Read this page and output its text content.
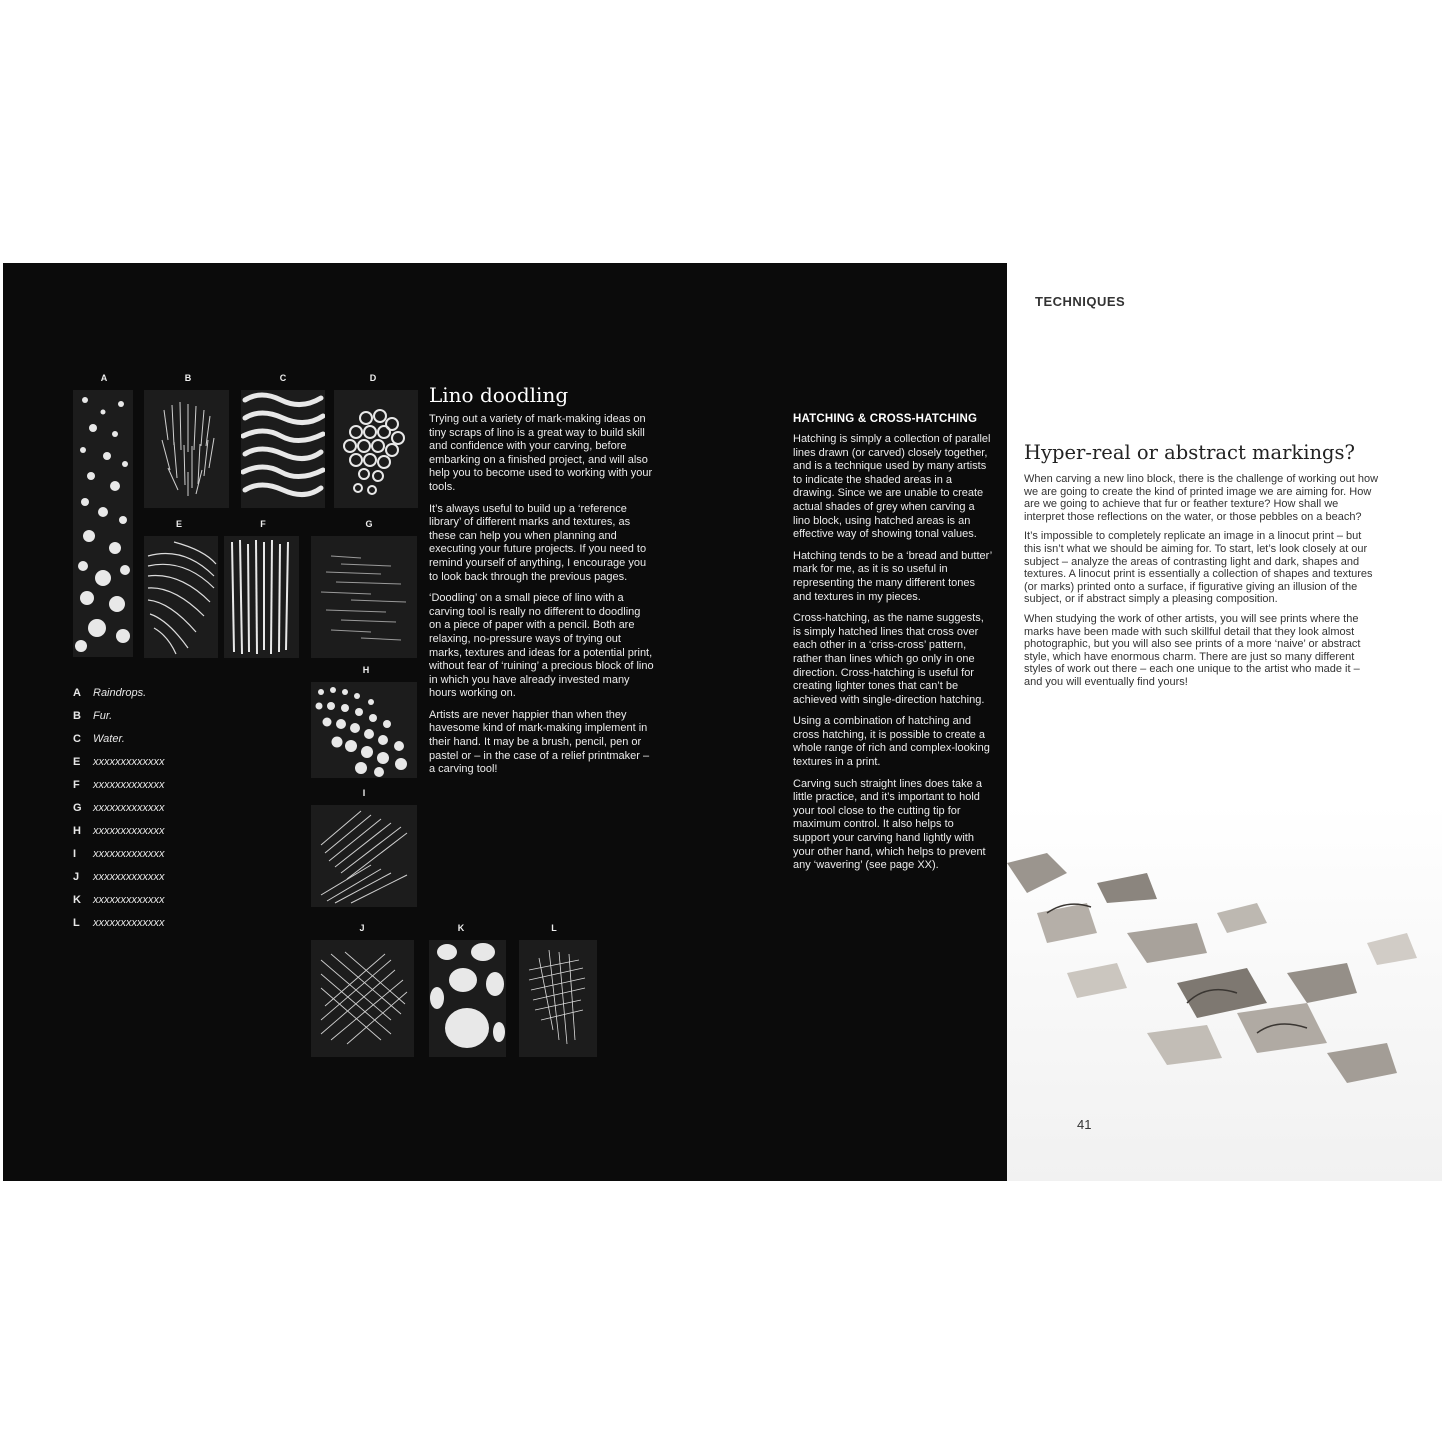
A	B	C	D
E	F	G
H
I
J	K	L
A	Raindrops.
B	Fur.
C	Water.
E	xxxxxxxxxxxxx
F	xxxxxxxxxxxxx
G	xxxxxxxxxxxxx
H	xxxxxxxxxxxxx
I	xxxxxxxxxxxxx
J	xxxxxxxxxxxxx
K	xxxxxxxxxxxxx
L	xxxxxxxxxxxxx
Lino doodling

Trying out a variety of mark-making ideas on tiny scraps of lino is a great way to build skill and confidence with your carving, before embarking on a finished project, and will also help you to become used to working with your tools.

It’s always useful to build up a ‘reference library’ of different marks and textures, as these can help you when planning and executing your future projects. If you need to remind yourself of anything, I encourage you to look back through the previous pages.

‘Doodling’ on a small piece of lino with a carving tool is really no different to doodling on a piece of paper with a pencil. Both are relaxing, no-pressure ways of trying out marks, textures and ideas for a potential print, without fear of ‘ruining’ a precious block of lino in which you have already invested many hours working on.

Artists are never happier than when they havesome kind of mark-making implement in their hand. It may be a brush, pencil, pen or pastel or – in the case of a relief printmaker – a carving tool!

HATCHING & CROSS-HATCHING

Hatching is simply a collection of parallel lines drawn (or carved) closely together, and is a technique used by many artists to indicate the shaded areas in a drawing. Since we are unable to create actual shades of grey when carving a lino block, using hatched areas is an effective way of showing tonal values.

Hatching tends to be a ‘bread and butter’ mark for me, as it is so useful in representing the many different tones and textures in my pieces.

Cross-hatching, as the name suggests, is simply hatched lines that cross over each other in a ‘criss-cross’ pattern, rather than lines which go only in one direction. Cross-hatching is useful for creating lighter tones that can’t be achieved with single-direction hatching.

Using a combination of hatching and cross hatching, it is possible to create a whole range of rich and complex-looking textures in a print.

Carving such straight lines does take a little practice, and it’s important to hold your tool close to the cutting tip for maximum control. It also helps to support your carving hand lightly with your other hand, which helps to prevent any ‘wavering’ (see page XX).

TECHNIQUES
Hyper-real or abstract markings?

When carving a new lino block, there is the challenge of working out how we are going to create the kind of printed image we are aiming for. How are we going to achieve that fur or feather texture? How shall we interpret those reflections on the water, or those pebbles on a beach?

It’s impossible to completely replicate an image in a linocut print – but this isn’t what we should be aiming for. To start, let’s look closely at our subject – analyze the areas of contrasting light and dark, shapes and textures. A linocut print is essentially a collection of shapes and textures (or marks) printed onto a surface, if figurative giving an illusion of the subject, or if abstract simply a pleasing composition.

When studying the work of other artists, you will see prints where the marks have been made with such skillful detail that they look almost photographic, but you will also see prints of a more ‘naive’ or abstract style, which have enormous charm. There are just so many different styles of work out there – each one unique to the artist who made it – and you will eventually find yours!

41
